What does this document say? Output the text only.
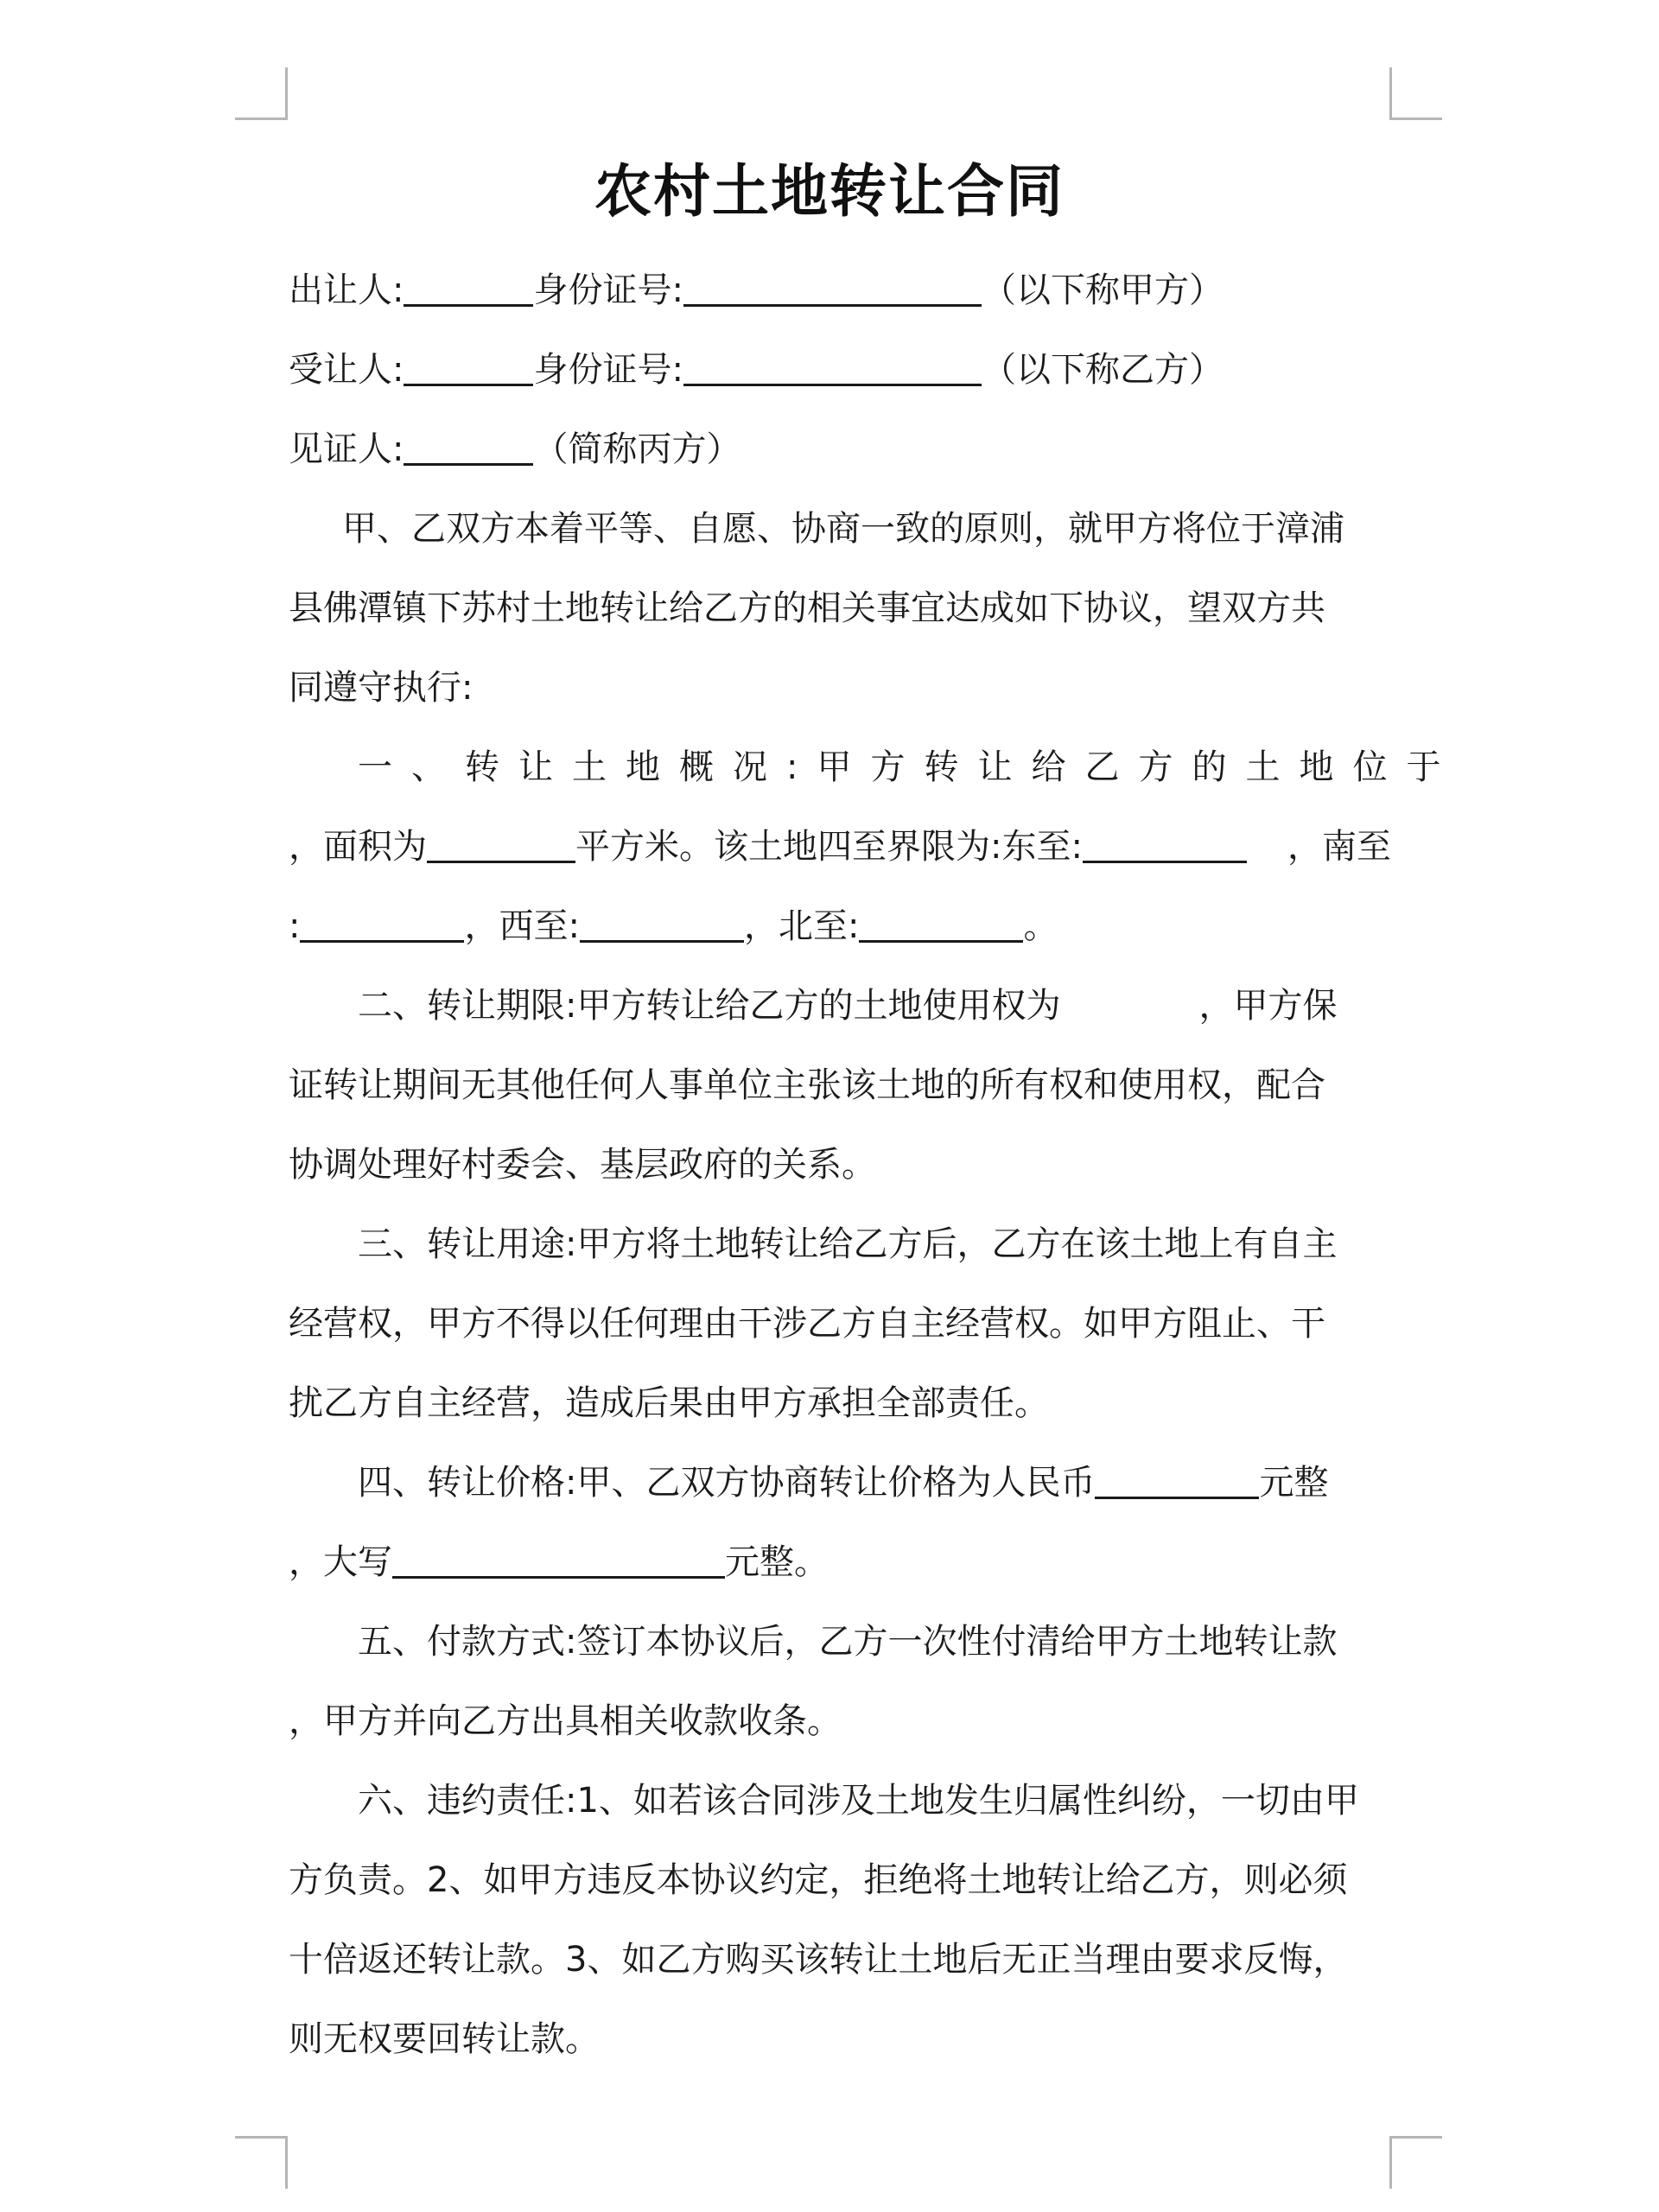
农村土地转让合同
出让人:	身份证号:	（以下称甲方）
受让人:	身份证号:	（以下称乙方）
见证人:	（简称丙方）
甲、乙双方本着平等、自愿、协商一致的原则，就甲方将位于漳浦
县佛潭镇下苏村土地转让给乙方的相关事宜达成如下协议，望双方共
同遵守执行:
一、转让土地概况:甲方转让给乙方的土地位于
，面积为	平方米。该土地四至界限为:东至:	，南至
:	，西至:	，北至:	。
二、转让期限:甲方转让给乙方的土地使用权为	，甲方保
证转让期间无其他任何人事单位主张该土地的所有权和使用权，配合
协调处理好村委会、基层政府的关系。
三、转让用途:甲方将土地转让给乙方后，乙方在该土地上有自主
经营权，甲方不得以任何理由干涉乙方自主经营权。如甲方阻止、干
扰乙方自主经营，造成后果由甲方承担全部责任。
四、转让价格:甲、乙双方协商转让价格为人民币	元整
，大写	元整。
五、付款方式:签订本协议后，乙方一次性付清给甲方土地转让款
，甲方并向乙方出具相关收款收条。
六、违约责任:1、如若该合同涉及土地发生归属性纠纷，一切由甲
方负责。2、如甲方违反本协议约定，拒绝将土地转让给乙方，则必须
十倍返还转让款。3、如乙方购买该转让土地后无正当理由要求反悔，
则无权要回转让款。
